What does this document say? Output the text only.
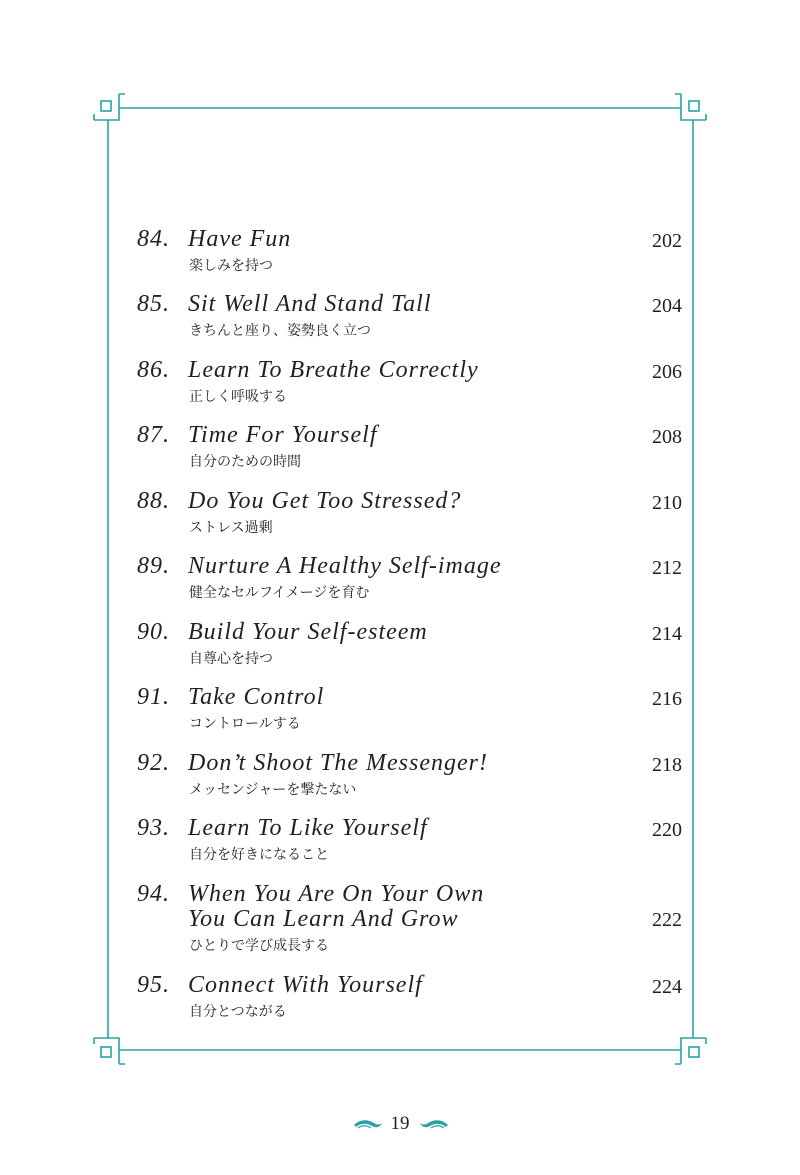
84. Have Fun	202
楽しみを持つ
85. Sit Well And Stand Tall	204
きちんと座り、姿勢良く立つ
86. Learn To Breathe Correctly	206
正しく呼吸する
87. Time For Yourself	208
自分のための時間
88. Do You Get Too Stressed?	210
ストレス過剰
89. Nurture A Healthy Self-image	212
健全なセルフイメージを育む
90. Build Your Self-esteem	214
自尊心を持つ
91. Take Control	216
コントロールする
92. Don’t Shoot The Messenger!	218
メッセンジャーを撃たない
93. Learn To Like Yourself	220
自分を好きになること
94. When You Are On Your Own
You Can Learn And Grow	222
ひとりで学び成長する
95. Connect With Yourself	224
自分とつながる
19
